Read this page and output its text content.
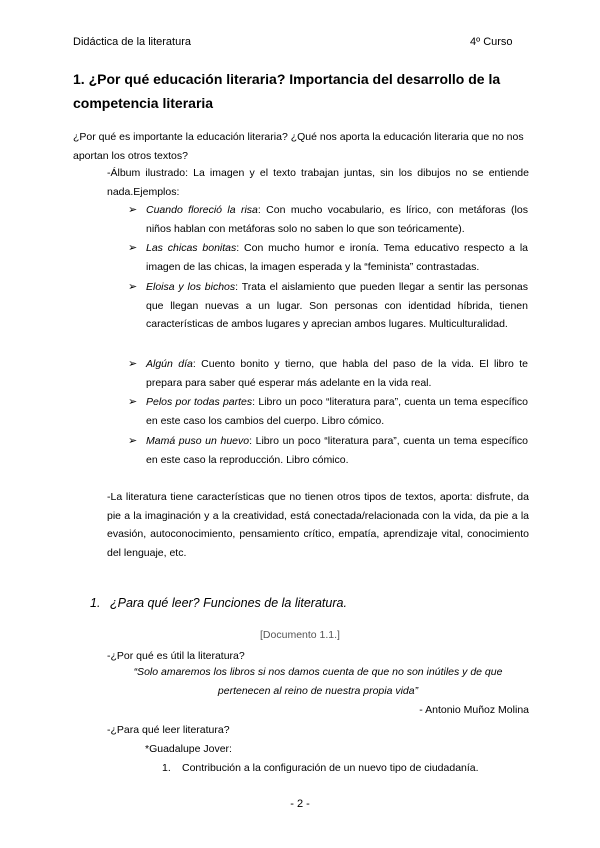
Didáctica de la literatura	4º Curso
1. ¿Por qué educación literaria? Importancia del desarrollo de la
competencia literaria
¿Por qué es importante la educación literaria? ¿Qué nos aporta la educación literaria que no nos aportan los otros textos?
-Álbum ilustrado: La imagen y el texto trabajan juntas, sin los dibujos no se entiende nada.Ejemplos:
➢ Cuando floreció la risa: Con mucho vocabulario, es lírico, con metáforas (los niños hablan con metáforas solo no saben lo que son teóricamente).
➢ Las chicas bonitas: Con mucho humor e ironía. Tema educativo respecto a la imagen de las chicas, la imagen esperada y la “feminista” contrastadas.
➢ Eloisa y los bichos: Trata el aislamiento que pueden llegar a sentir las personas que llegan nuevas a un lugar. Son personas con identidad híbrida, tienen características de ambos lugares y aprecian ambos lugares. Multiculturalidad.
➢ Algún día: Cuento bonito y tierno, que habla del paso de la vida. El libro te prepara para saber qué esperar más adelante en la vida real.
➢ Pelos por todas partes: Libro un poco “literatura para”, cuenta un tema específico en este caso los cambios del cuerpo. Libro cómico.
➢ Mamá puso un huevo: Libro un poco “literatura para”, cuenta un tema específico en este caso la reproducción. Libro cómico.
-La literatura tiene características que no tienen otros tipos de textos, aporta: disfrute, da pie a la imaginación y a la creatividad, está conectada/relacionada con la vida, da pie a la evasión, autoconocimiento, pensamiento crítico, empatía, aprendizaje vital, conocimiento del lenguaje, etc.
1. ¿Para qué leer? Funciones de la literatura.
[Documento 1.1.]
-¿Por qué es útil la literatura?
“Solo amaremos los libros si nos damos cuenta de que no son inútiles y de que
pertenecen al reino de nuestra propia vida”
- Antonio Muñoz Molina
-¿Para qué leer literatura?
*Guadalupe Jover:
1. Contribución a la configuración de un nuevo tipo de ciudadanía.
- 2 -
